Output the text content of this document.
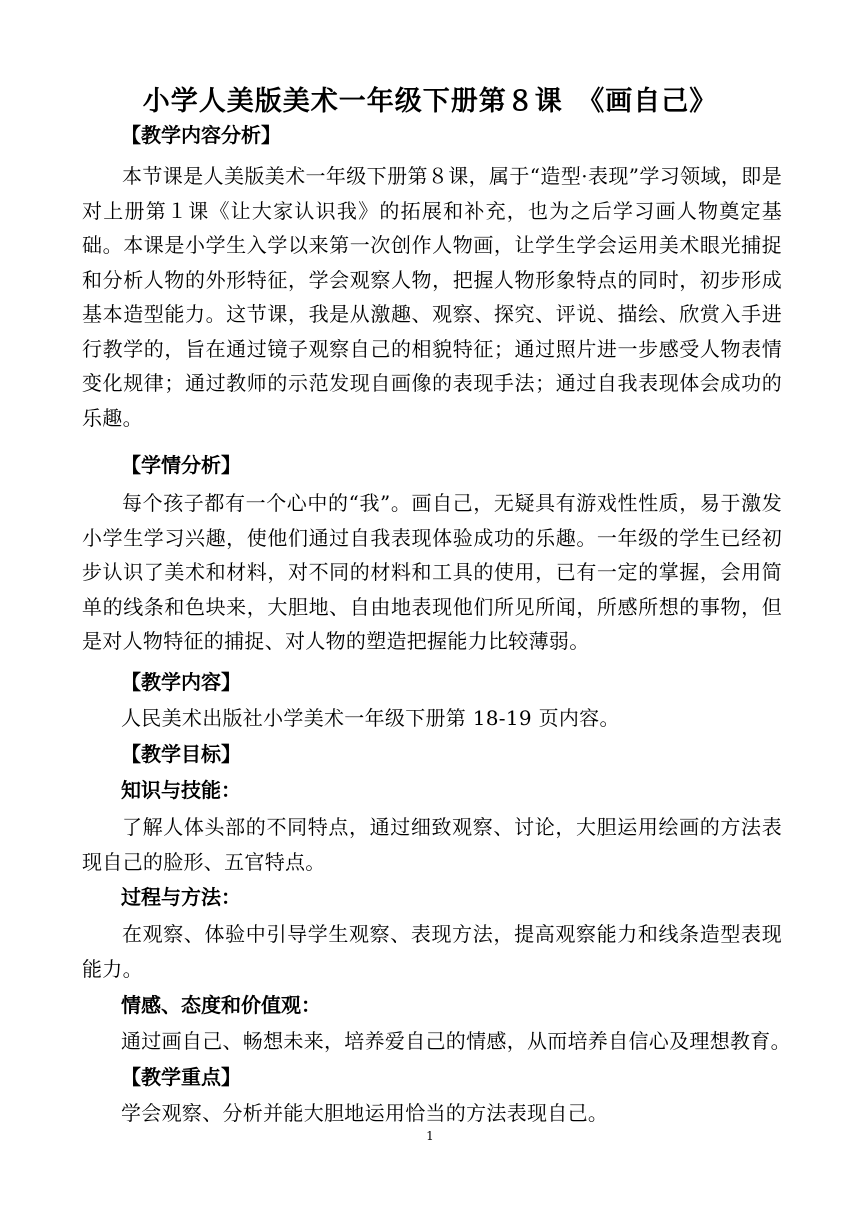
小学人美版美术一年级下册第８课　《画自己》
【教学内容分析】
本节课是人美版美术一年级下册第８课，属于“造型·表现”学习领域，即是对上册第１课《让大家认识我》的拓展和补充，也为之后学习画人物奠定基础。本课是小学生入学以来第一次创作人物画，让学生学会运用美术眼光捕捉和分析人物的外形特征，学会观察人物，把握人物形象特点的同时，初步形成基本造型能力。这节课，我是从激趣、观察、探究、评说、描绘、欣赏入手进行教学的，旨在通过镜子观察自己的相貌特征；通过照片进一步感受人物表情变化规律；通过教师的示范发现自画像的表现手法；通过自我表现体会成功的乐趣。
【学情分析】
每个孩子都有一个心中的“我”。画自己，无疑具有游戏性性质，易于激发小学生学习兴趣，使他们通过自我表现体验成功的乐趣。一年级的学生已经初步认识了美术和材料，对不同的材料和工具的使用，已有一定的掌握，会用简单的线条和色块来，大胆地、自由地表现他们所见所闻，所感所想的事物，但是对人物特征的捕捉、对人物的塑造把握能力比较薄弱。
【教学内容】
人民美术出版社小学美术一年级下册第 18-19 页内容。
【教学目标】
知识与技能：
了解人体头部的不同特点，通过细致观察、讨论，大胆运用绘画的方法表现自己的脸形、五官特点。
过程与方法：
在观察、体验中引导学生观察、表现方法，提高观察能力和线条造型表现能力。
情感、态度和价值观：
通过画自己、畅想未来，培养爱自己的情感，从而培养自信心及理想教育。
【教学重点】
学会观察、分析并能大胆地运用恰当的方法表现自己。
1
